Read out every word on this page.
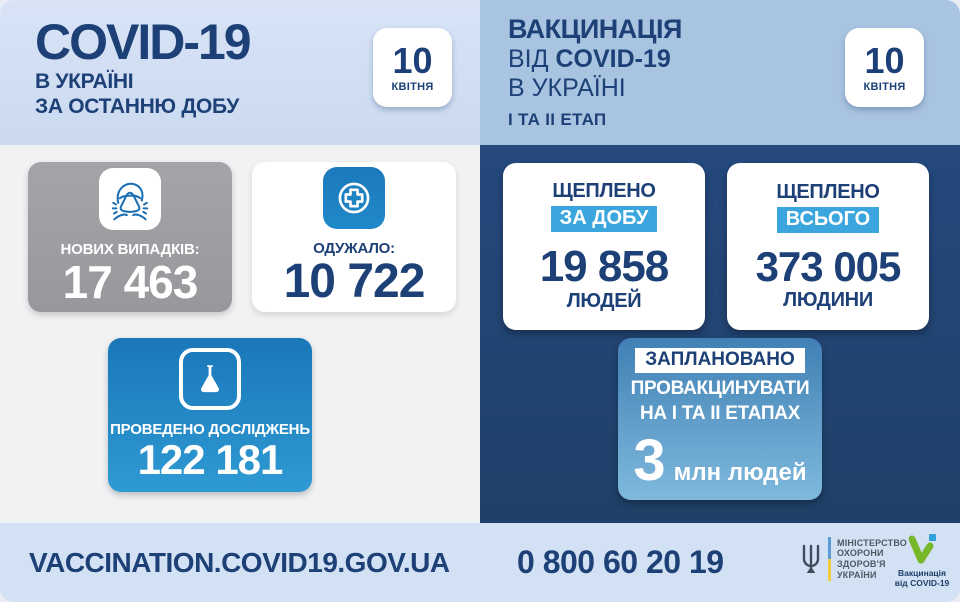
COVID-19
В УКРАЇНІ
ЗА ОСТАННЮ ДОБУ
10
КВІТНЯ
ВАКЦИНАЦІЯ
ВІД COVID-19
В УКРАЇНІ
І ТА ІІ ЕТАП
10
КВІТНЯ
НОВИХ ВИПАДКІВ:
17 463
ОДУЖАЛО:
10 722
ПРОВЕДЕНО ДОСЛІДЖЕНЬ
122 181
ЩЕПЛЕНО
ЗА ДОБУ
19 858
ЛЮДЕЙ
ЩЕПЛЕНО
ВСЬОГО
373 005
ЛЮДИНИ
ЗАПЛАНОВАНО
ПРОВАКЦИНУВАТИ
НА І ТА ІІ ЕТАПАХ
3 млн людей
VACCINATION.COVID19.GOV.UA 0 800 60 20 19
МІНІСТЕРСТВО
ОХОРОНИ
ЗДОРОВ'Я
УКРАЇНИ	Вакцинація
від COVID-19
